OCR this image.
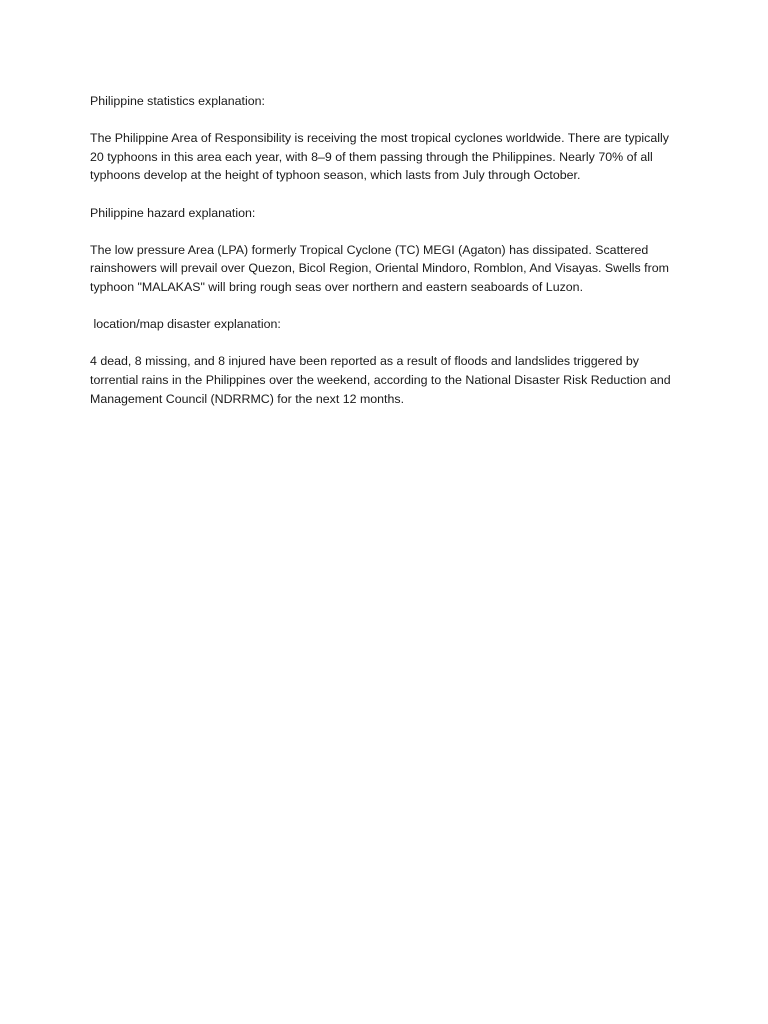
Philippine statistics explanation:

The Philippine Area of Responsibility is receiving the most tropical cyclones worldwide. There are typically 20 typhoons in this area each year, with 8–9 of them passing through the Philippines. Nearly 70% of all typhoons develop at the height of typhoon season, which lasts from July through October.

Philippine hazard explanation:

The low pressure Area (LPA) formerly Tropical Cyclone (TC) MEGI (Agaton) has dissipated. Scattered rainshowers will prevail over Quezon, Bicol Region, Oriental Mindoro, Romblon, And Visayas. Swells from typhoon "MALAKAS" will bring rough seas over northern and eastern seaboards of Luzon.

location/map disaster explanation:

4 dead, 8 missing, and 8 injured have been reported as a result of floods and landslides triggered by torrential rains in the Philippines over the weekend, according to the National Disaster Risk Reduction and Management Council (NDRRMC) for the next 12 months.
